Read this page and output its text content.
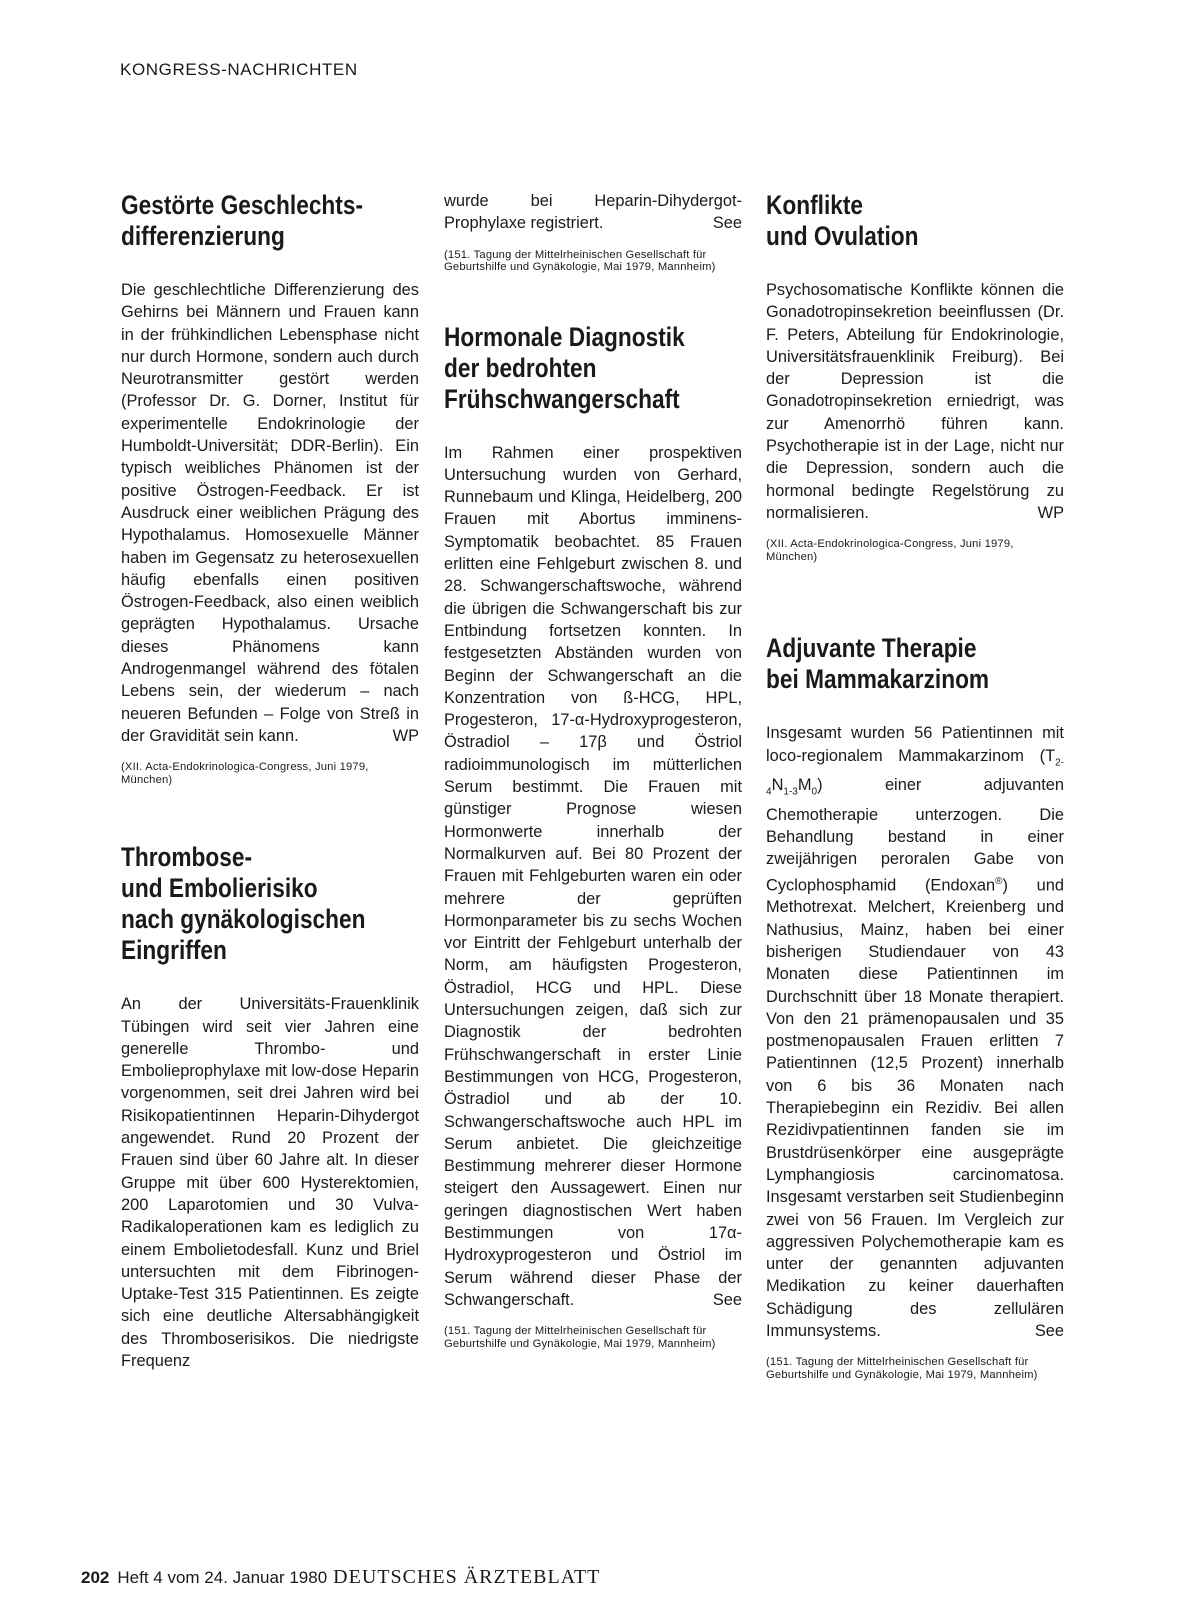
KONGRESS-NACHRICHTEN
Gestörte Geschlechts-
differenzierung

Die geschlechtliche Differenzierung des Gehirns bei Männern und Frauen kann in der frühkindlichen Lebensphase nicht nur durch Hormone, sondern auch durch Neurotransmitter gestört werden (Professor Dr. G. Dorner, Institut für experimentelle Endokrinologie der Humboldt-Universität; DDR-Berlin). Ein typisch weibliches Phänomen ist der positive Östrogen-Feedback. Er ist Ausdruck einer weiblichen Prägung des Hypothalamus. Homosexuelle Männer haben im Gegensatz zu heterosexuellen häufig ebenfalls einen positiven Östrogen-Feedback, also einen weiblich geprägten Hypothalamus. Ursache dieses Phänomens kann Androgenmangel während des fötalen Lebens sein, der wiederum – nach neueren Befunden – Folge von Streß in der Gravidität sein kann.	WP

(XII. Acta-Endokrinologica-Congress, Juni 1979, München)

Thrombose-
und Embolierisiko
nach gynäkologischen
Eingriffen

An der Universitäts-Frauenklinik Tübingen wird seit vier Jahren eine generelle Thrombo- und Embolieprophylaxe mit low-dose Heparin vorgenommen, seit drei Jahren wird bei Risikopatientinnen Heparin-Dihydergot angewendet. Rund 20 Prozent der Frauen sind über 60 Jahre alt. In dieser Gruppe mit über 600 Hysterektomien, 200 Laparotomien und 30 Vulva-Radikaloperationen kam es lediglich zu einem Embolietodesfall. Kunz und Briel untersuchten mit dem Fibrinogen-Uptake-Test 315 Patientinnen. Es zeigte sich eine deutliche Altersabhängigkeit des Thromboserisikos. Die niedrigste Frequenz

wurde bei Heparin-Dihydergot-Prophylaxe registriert.	See

(151. Tagung der Mittelrheinischen Gesellschaft für Geburtshilfe und Gynäkologie, Mai 1979, Mannheim)

Hormonale Diagnostik
der bedrohten
Frühschwangerschaft

Im Rahmen einer prospektiven Untersuchung wurden von Gerhard, Runnebaum und Klinga, Heidelberg, 200 Frauen mit Abortus imminens-Symptomatik beobachtet. 85 Frauen erlitten eine Fehlgeburt zwischen 8. und 28. Schwangerschaftswoche, während die übrigen die Schwangerschaft bis zur Entbindung fortsetzen konnten. In festgesetzten Abständen wurden von Beginn der Schwangerschaft an die Konzentration von ß-HCG, HPL, Progesteron, 17-α-Hydroxyprogesteron, Östradiol – 17β und Östriol radioimmunologisch im mütterlichen Serum bestimmt. Die Frauen mit günstiger Prognose wiesen Hormonwerte innerhalb der Normalkurven auf. Bei 80 Prozent der Frauen mit Fehlgeburten waren ein oder mehrere der geprüften Hormonparameter bis zu sechs Wochen vor Eintritt der Fehlgeburt unterhalb der Norm, am häufigsten Progesteron, Östradiol, HCG und HPL. Diese Untersuchungen zeigen, daß sich zur Diagnostik der bedrohten Frühschwangerschaft in erster Linie Bestimmungen von HCG, Progesteron, Östradiol und ab der 10. Schwangerschaftswoche auch HPL im Serum anbietet. Die gleichzeitige Bestimmung mehrerer dieser Hormone steigert den Aussagewert. Einen nur geringen diagnostischen Wert haben Bestimmungen von 17α-Hydroxyprogesteron und Östriol im Serum während dieser Phase der Schwangerschaft.	See

(151. Tagung der Mittelrheinischen Gesellschaft für Geburtshilfe und Gynäkologie, Mai 1979, Mannheim)

Konflikte
und Ovulation

Psychosomatische Konflikte können die Gonadotropinsekretion beeinflussen (Dr. F. Peters, Abteilung für Endokrinologie, Universitätsfrauenklinik Freiburg). Bei der Depression ist die Gonadotropinsekretion erniedrigt, was zur Amenorrhö führen kann. Psychotherapie ist in der Lage, nicht nur die Depression, sondern auch die hormonal bedingte Regelstörung zu normalisieren.	WP

(XII. Acta-Endokrinologica-Congress, Juni 1979, München)

Adjuvante Therapie
bei Mammakarzinom

Insgesamt wurden 56 Patientinnen mit loco-regionalem Mammakarzinom $(T_{2-4}N_{1-3}M_0)$ einer adjuvanten Chemotherapie unterzogen. Die Behandlung bestand in einer zweijährigen peroralen Gabe von Cyclophosphamid (Endoxan®) und Methotrexat. Melchert, Kreienberg und Nathusius, Mainz, haben bei einer bisherigen Studiendauer von 43 Monaten diese Patientinnen im Durchschnitt über 18 Monate therapiert. Von den 21 prämenopausalen und 35 postmenopausalen Frauen erlitten 7 Patientinnen (12,5 Prozent) innerhalb von 6 bis 36 Monaten nach Therapiebeginn ein Rezidiv. Bei allen Rezidivpatientinnen fanden sie im Brustdrüsenkörper eine ausgeprägte Lymphangiosis carcinomatosa. Insgesamt verstarben seit Studienbeginn zwei von 56 Frauen. Im Vergleich zur aggressiven Polychemotherapie kam es unter der genannten adjuvanten Medikation zu keiner dauerhaften Schädigung des zellulären Immunsystems.	See

(151. Tagung der Mittelrheinischen Gesellschaft für Geburtshilfe und Gynäkologie, Mai 1979, Mannheim)

202 Heft 4 vom 24. Januar 1980 DEUTSCHES ÄRZTEBLATT
